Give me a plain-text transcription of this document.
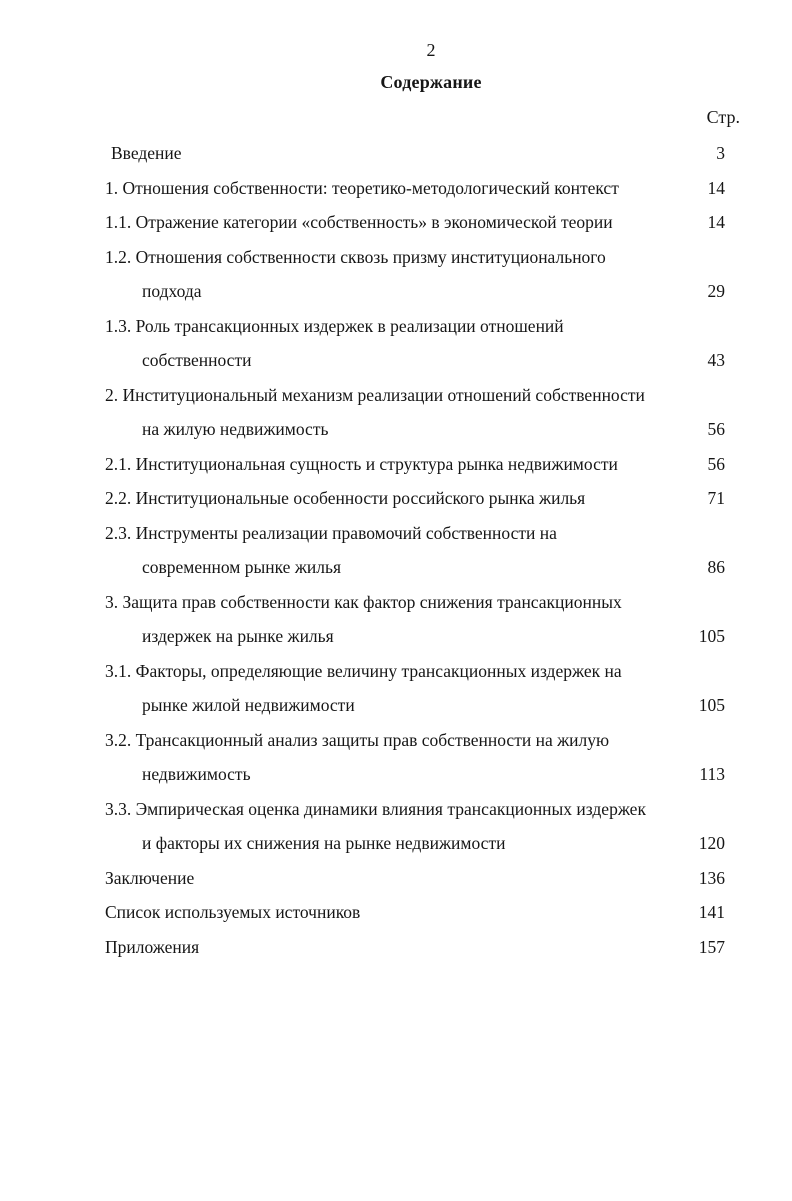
2
Содержание
Стр.
Введение	3
1. Отношения собственности: теоретико-методологический контекст	14
1.1. Отражение категории «собственность» в экономической теории	14
1.2. Отношения собственности сквозь призму институционального
подхода	29
1.3. Роль трансакционных издержек в реализации отношений
собственности	43
2. Институциональный механизм реализации отношений собственности
на жилую недвижимость	56
2.1. Институциональная сущность и структура рынка недвижимости	56
2.2. Институциональные особенности российского рынка жилья	71
2.3. Инструменты реализации правомочий собственности на
современном рынке жилья	86
3. Защита прав собственности как фактор снижения трансакционных
издержек на рынке жилья	105
3.1. Факторы, определяющие величину трансакционных издержек на
рынке жилой недвижимости	105
3.2. Трансакционный анализ защиты прав собственности на жилую
недвижимость	113
3.3. Эмпирическая оценка динамики влияния трансакционных издержек
и факторы их снижения на рынке недвижимости	120
Заключение	136
Список используемых источников	141
Приложения	157
